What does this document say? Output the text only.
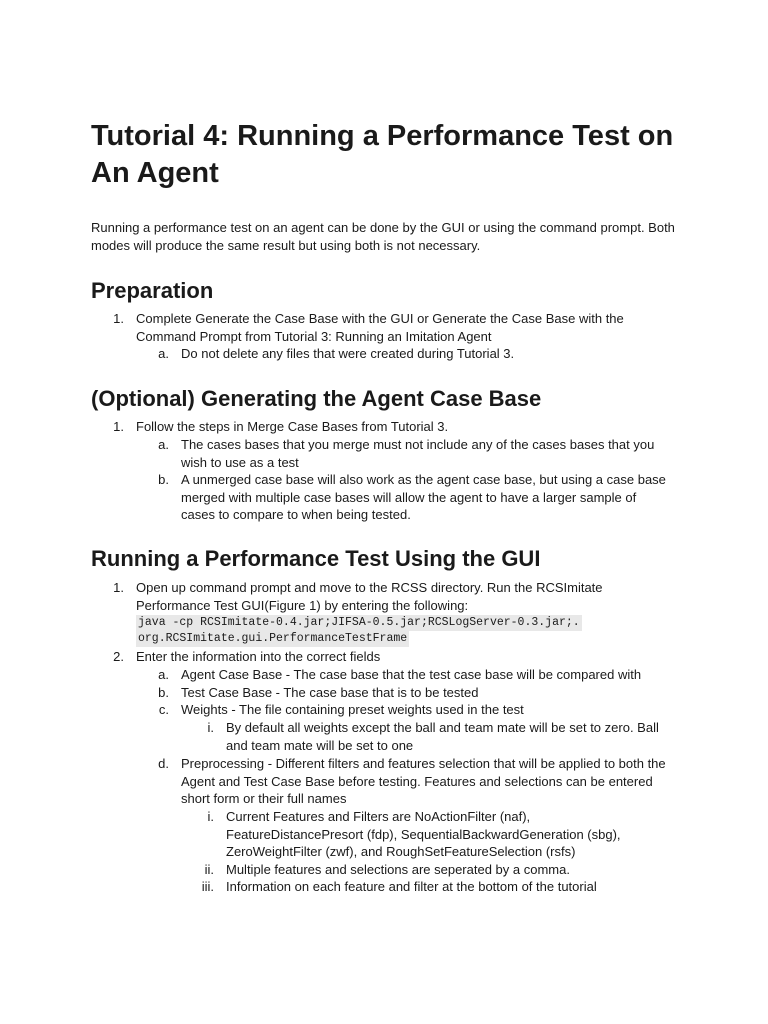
Tutorial 4: Running a Performance Test on An Agent

Running a performance test on an agent can be done by the GUI or using the command prompt. Both modes will produce the same result but using both is not necessary.

Preparation
1. Complete Generate the Case Base with the GUI or Generate the Case Base with the Command Prompt from Tutorial 3: Running an Imitation Agent
a. Do not delete any files that were created during Tutorial 3.
(Optional) Generating the Agent Case Base
1. Follow the steps in Merge Case Bases from Tutorial 3.
a. The cases bases that you merge must not include any of the cases bases that you wish to use as a test
b. A unmerged case base will also work as the agent case base, but using a case base merged with multiple case bases will allow the agent to have a larger sample of cases to compare to when being tested.
Running a Performance Test Using the GUI
1. Open up command prompt and move to the RCSS directory. Run the RCSImitate Performance Test GUI(Figure 1) by entering the following:
java -cp RCSImitate-0.4.jar;JIFSA-0.5.jar;RCSLogServer-0.3.jar;.
org.RCSImitate.gui.PerformanceTestFrame
2. Enter the information into the correct fields
a. Agent Case Base - The case base that the test case base will be compared with
b. Test Case Base - The case base that is to be tested
c. Weights - The file containing preset weights used in the test
i. By default all weights except the ball and team mate will be set to zero. Ball and team mate will be set to one
d. Preprocessing - Different filters and features selection that will be applied to both the Agent and Test Case Base before testing. Features and selections can be entered short form or their full names
i. Current Features and Filters are NoActionFilter (naf), FeatureDistancePresort (fdp), SequentialBackwardGeneration (sbg), ZeroWeightFilter (zwf), and RoughSetFeatureSelection (rsfs)
ii. Multiple features and selections are seperated by a comma.
iii. Information on each feature and filter at the bottom of the tutorial
